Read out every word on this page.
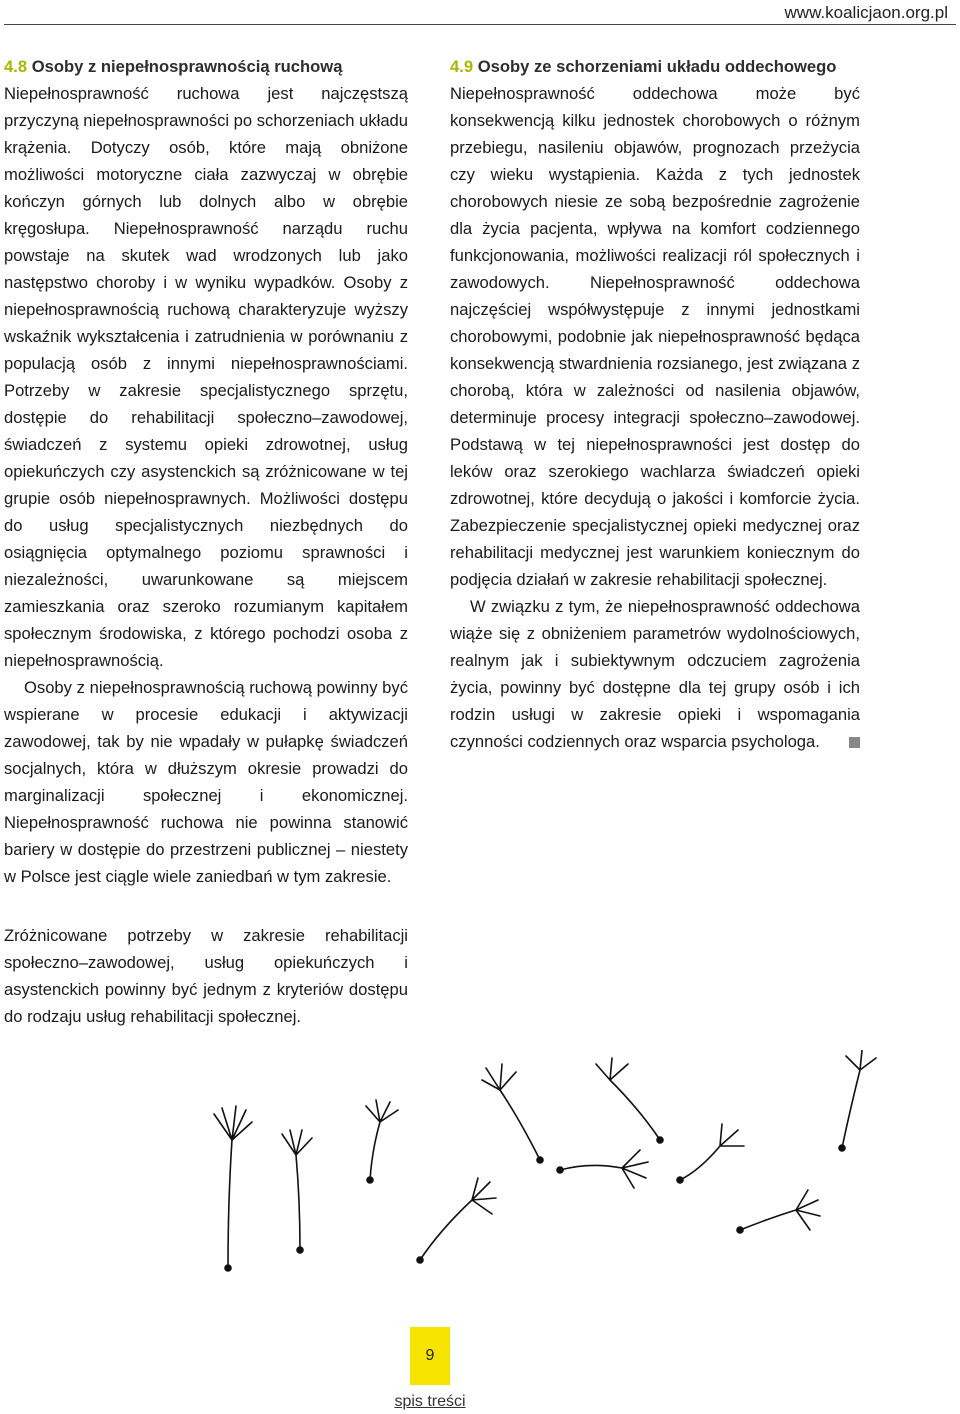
www.koalicjaon.org.pl
4.8 Osoby z niepełnosprawnością ruchową

Niepełnosprawność ruchowa jest najczęstszą przyczyną niepełnosprawności po schorzeniach układu krążenia. Dotyczy osób, które mają obniżone możliwości motoryczne ciała zazwyczaj w obrębie kończyn górnych lub dolnych albo w obrębie kręgosłupa. Niepełnosprawność narządu ruchu powstaje na skutek wad wrodzonych lub jako następstwo choroby i w wyniku wypadków. Osoby z niepełnosprawnością ruchową charakteryzuje wyższy wskaźnik wykształcenia i zatrudnienia w porównaniu z populacją osób z innymi niepełnosprawnościami. Potrzeby w zakresie specjalistycznego sprzętu, dostępie do rehabilitacji społeczno–zawodowej, świadczeń z systemu opieki zdrowotnej, usług opiekuńczych czy asystenckich są zróżnicowane w tej grupie osób niepełnosprawnych. Możliwości dostępu do usług specjalistycznych niezbędnych do osiągnięcia optymalnego poziomu sprawności i niezależności, uwarunkowane są miejscem zamieszkania oraz szeroko rozumianym kapitałem społecznym środowiska, z którego pochodzi osoba z niepełnosprawnością.

Osoby z niepełnosprawnością ruchową powinny być wspierane w procesie edukacji i aktywizacji zawodowej, tak by nie wpadały w pułapkę świadczeń socjalnych, która w dłuższym okresie prowadzi do marginalizacji społecznej i ekonomicznej. Niepełnosprawność ruchowa nie powinna stanowić bariery w dostępie do przestrzeni publicznej – niestety w Polsce jest ciągle wiele zaniedbań w tym zakresie.

4.9 Osoby ze schorzeniami układu oddechowego

Niepełnosprawność oddechowa może być konsekwencją kilku jednostek chorobowych o różnym przebiegu, nasileniu objawów, prognozach przeżycia czy wieku wystąpienia. Każda z tych jednostek chorobowych niesie ze sobą bezpośrednie zagrożenie dla życia pacjenta, wpływa na komfort codziennego funkcjonowania, możliwości realizacji ról społecznych i zawodowych. Niepełnosprawność oddechowa najczęściej współwystępuje z innymi jednostkami chorobowymi, podobnie jak niepełnosprawność będąca konsekwencją stwardnienia rozsianego, jest związana z chorobą, która w zależności od nasilenia objawów, determinuje procesy integracji społeczno–zawodowej. Podstawą w tej niepełnosprawności jest dostęp do leków oraz szerokiego wachlarza świadczeń opieki zdrowotnej, które decydują o jakości i komforcie życia. Zabezpieczenie specjalistycznej opieki medycznej oraz rehabilitacji medycznej jest warunkiem koniecznym do podjęcia działań w zakresie rehabilitacji społecznej.

W związku z tym, że niepełnosprawność oddechowa wiąże się z obniżeniem parametrów wydolnościowych, realnym jak i subiektywnym odczuciem zagrożenia życia, powinny być dostępne dla tej grupy osób i ich rodzin usługi w zakresie opieki i wspomagania czynności codziennych oraz wsparcia psychologa.

Zróżnicowane potrzeby w zakresie rehabilitacji społeczno–zawodowej, usług opiekuńczych i asystenckich powinny być jednym z kryteriów dostępu do rodzaju usług rehabilitacji społecznej.

9
spis treści
